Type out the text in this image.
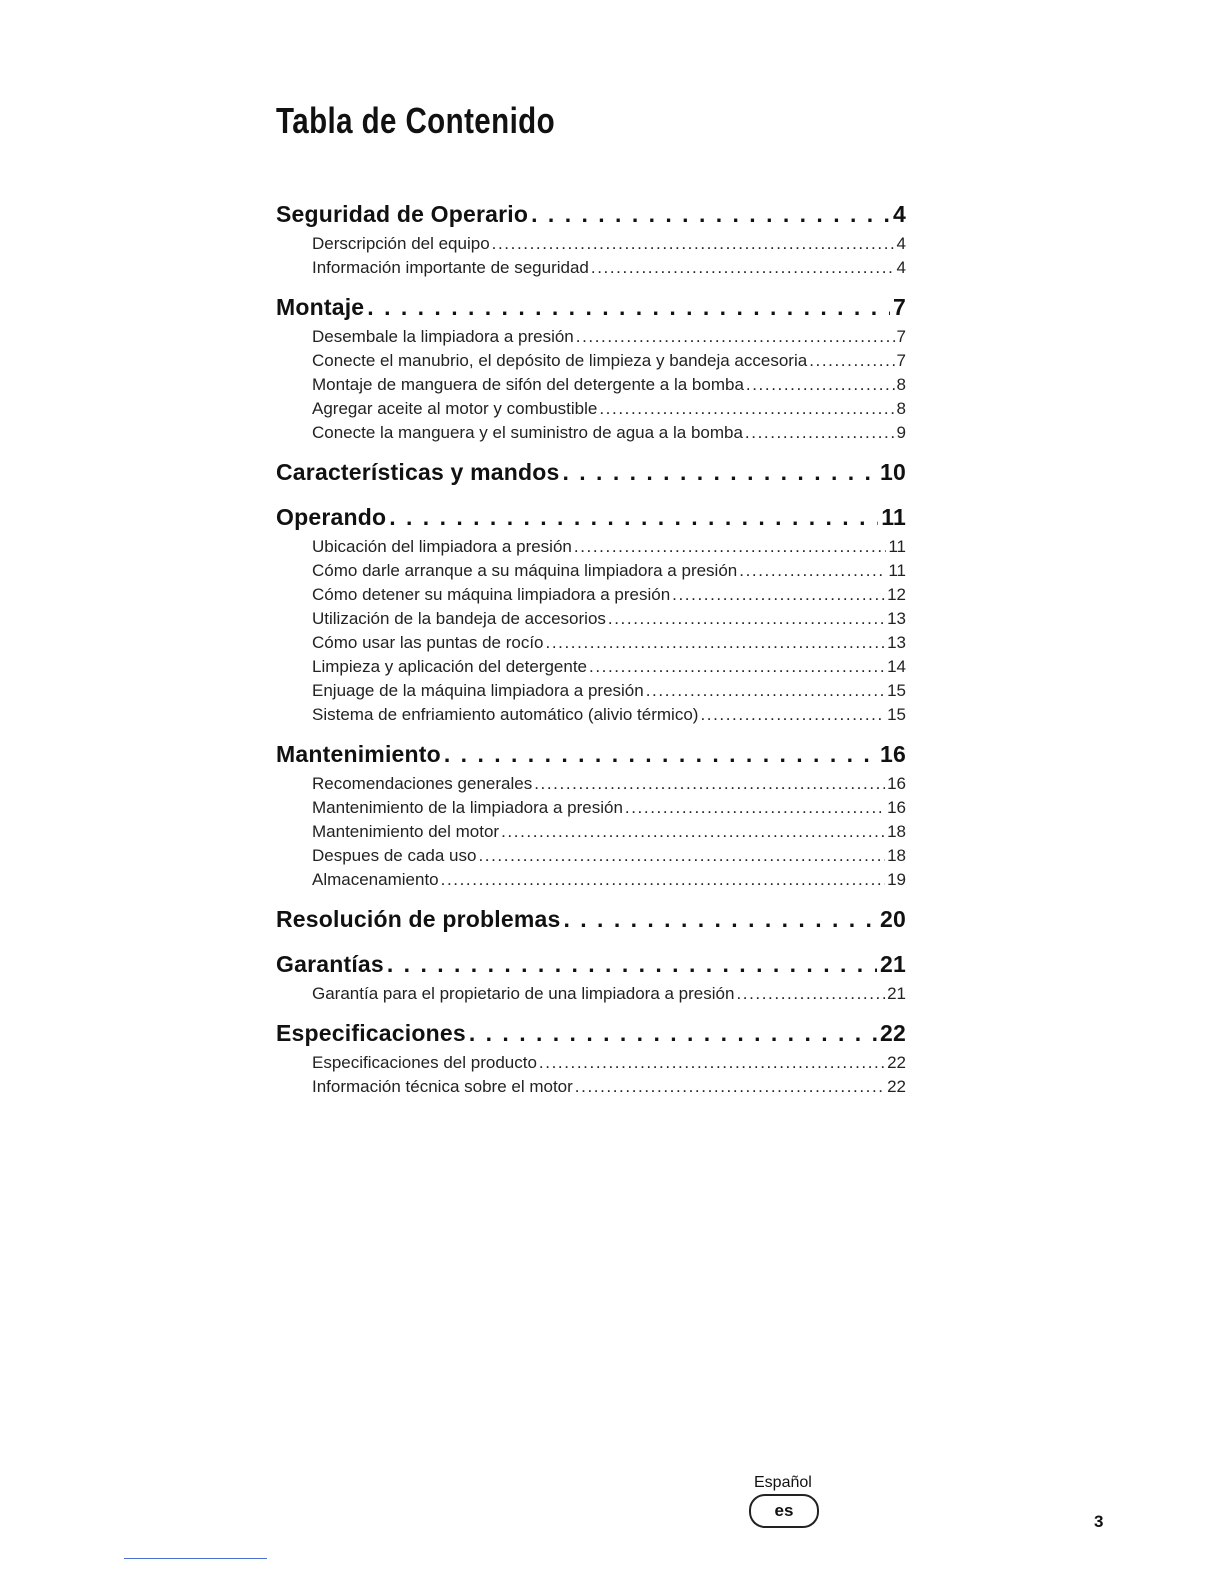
Tabla de Contenido
Seguridad de Operario . . .	4
Derscripción del equipo .....	4
Información importante de seguridad .....	4
Montaje . . .	7
Desembale la limpiadora a presión .....	7
Conecte el manubrio, el depósito de limpieza y bandeja accesoria .....	7
Montaje de manguera de sifón del detergente a la bomba .....	8
Agregar aceite al motor y combustible .....	8
Conecte la manguera y el suministro de agua a la bomba .....	9
Características y mandos . . .	10
Operando . . .	11
Ubicación del limpiadora a presión .....	11
Cómo darle arranque a su máquina limpiadora a presión .....	11
Cómo detener su máquina limpiadora a presión .....	12
Utilización de la bandeja de accesorios .....	13
Cómo usar las puntas de rocío .....	13
Limpieza y aplicación del detergente .....	14
Enjuage de la máquina limpiadora a presión .....	15
Sistema de enfriamiento automático (alivio térmico) .....	15
Mantenimiento . . .	16
Recomendaciones generales .....	16
Mantenimiento de la limpiadora a presión .....	16
Mantenimiento del motor .....	18
Despues de cada uso .....	18
Almacenamiento .....	19
Resolución de problemas . . .	20
Garantías . . .	21
Garantía para el propietario de una limpiadora a presión .....	21
Especificaciones . . .	22
Especificaciones del producto .....	22
Información técnica sobre el motor .....	22
Español
es
3
